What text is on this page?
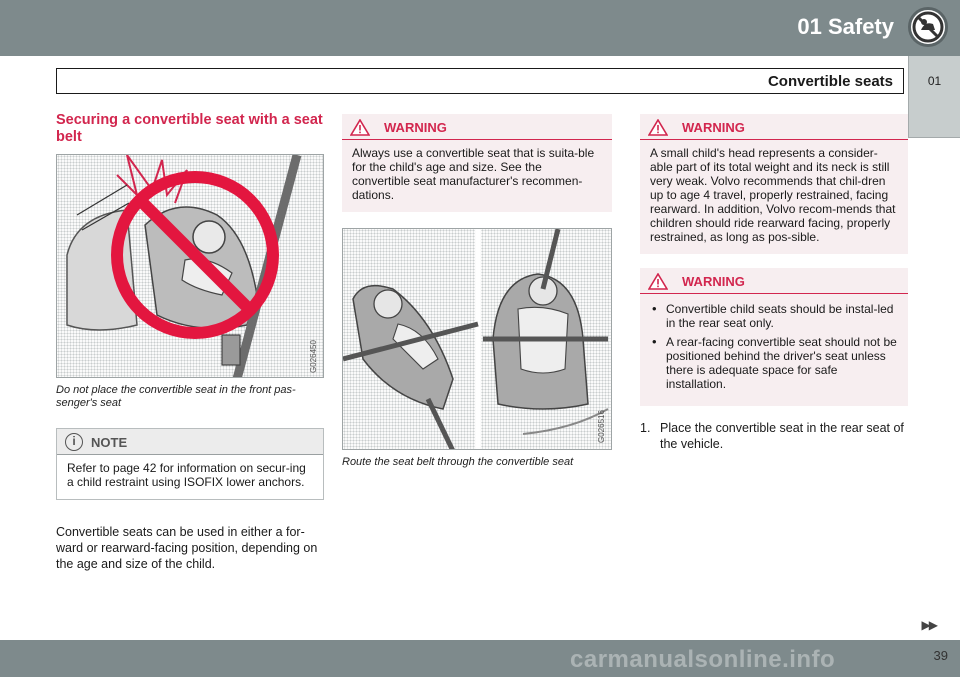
01 Safety
Convertible seats	01
Securing a convertible seat with a seat belt
G026450
Do not place the convertible seat in the front pas-senger's seat
i	NOTE
Refer to page 42 for information on secur-ing a child restraint using ISOFIX lower anchors.
Convertible seats can be used in either a for-ward or rearward-facing position, depending on the age and size of the child.
WARNING
Always use a convertible seat that is suita-ble for the child's age and size. See the convertible seat manufacturer's recommen-dations.
G026516
Route the seat belt through the convertible seat
WARNING
A small child's head represents a consider-able part of its total weight and its neck is still very weak. Volvo recommends that chil-dren up to age 4 travel, properly restrained, facing rearward. In addition, Volvo recom-mends that children should ride rearward facing, properly restrained, as long as pos-sible.
WARNING
• Convertible child seats should be instal-led in the rear seat only.
• A rear-facing convertible seat should not be positioned behind the driver's seat unless there is adequate space for safe installation.
1. Place the convertible seat in the rear seat of the vehicle.
▶▶
carmanualsonline.info	39
